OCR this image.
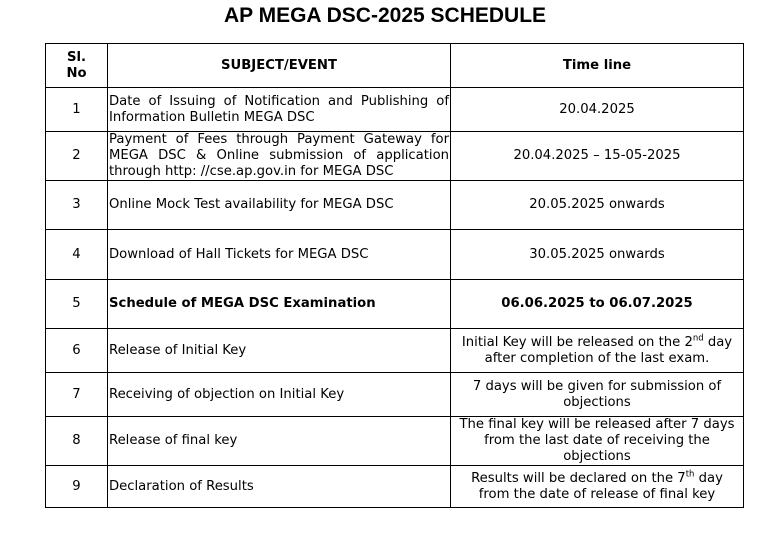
AP MEGA DSC-2025 SCHEDULE
Sl. No	SUBJECT/EVENT	Time line
1	Date of Issuing of Notification and Publishing of Information Bulletin MEGA DSC	20.04.2025
2	Payment of Fees through Payment Gateway for MEGA DSC & Online submission of application through http: //cse.ap.gov.in for MEGA DSC	20.04.2025 – 15-05-2025
3	Online Mock Test availability for MEGA DSC	20.05.2025 onwards
4	Download of Hall Tickets for MEGA DSC	30.05.2025 onwards
5	Schedule of MEGA DSC Examination	06.06.2025 to 06.07.2025
6	Release of Initial Key	Initial Key will be released on the 2nd day after completion of the last exam.
7	Receiving of objection on Initial Key	7 days will be given for submission of objections
8	Release of final key	The final key will be released after 7 days from the last date of receiving the objections
9	Declaration of Results	Results will be declared on the 7th day from the date of release of final key
